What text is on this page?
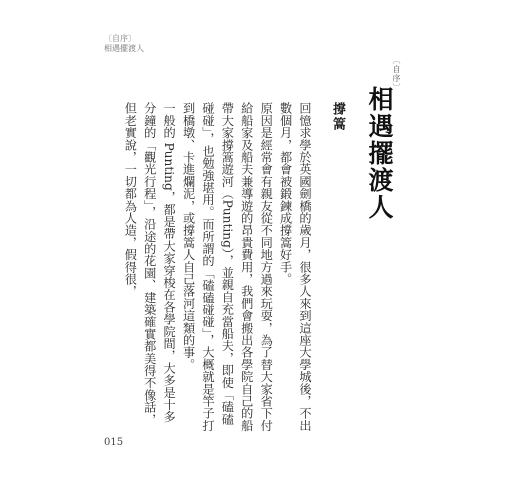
〔自序〕
相遇擺渡人
〔自序〕
相遇擺渡人
撐篙

回憶求學於英國劍橋的歲月，很多人來到這座大學城後，不出數個月，都會被鍛鍊成撐篙好手。

原因是經常會有親友從不同地方過來玩耍，為了替大家省下付給船家及船夫兼導遊的昂貴費用，我們會搬出各學院自己的船帶大家撐篙遊河（Punting），並親自充當船夫，即使「磕磕碰碰」，也勉強堪用。而所謂的「磕磕碰碰」，大概就是竿子打到橋墩、卡進爛泥，或撐篙人自己落河這類的事。

一般的 Punting，都是帶大家穿梭在各學院間，大多是十多分鐘的「觀光行程」，沿途的花園、建築確實都美得不像話，但老實說，一切都為人造，假得很，

015
